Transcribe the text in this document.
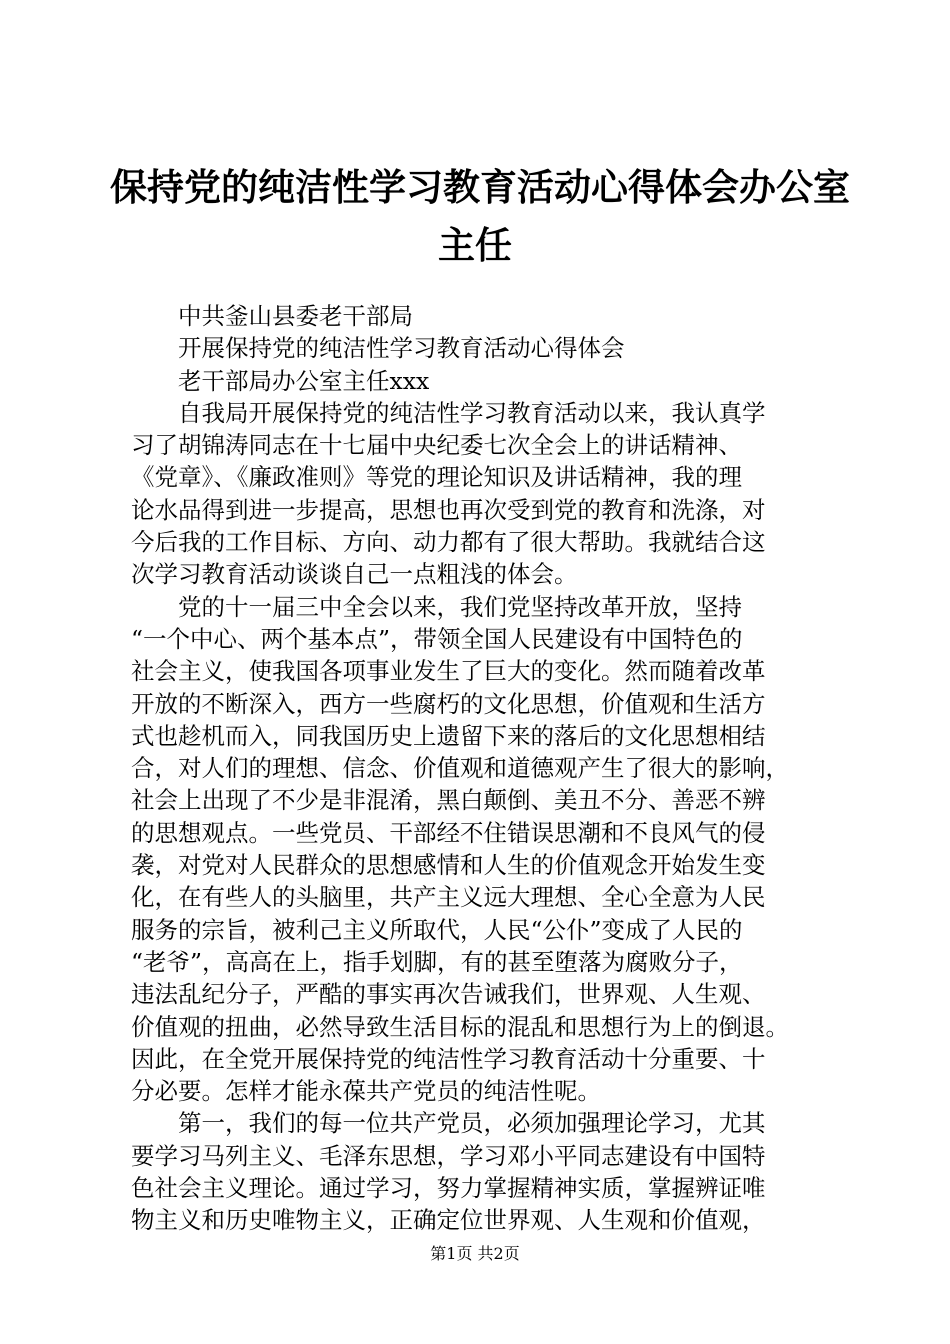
保持党的纯洁性学习教育活动心得体会办公室
主任
中共釜山县委老干部局
开展保持党的纯洁性学习教育活动心得体会
老干部局办公室主任xxx
自我局开展保持党的纯洁性学习教育活动以来，我认真学
习了胡锦涛同志在十七届中央纪委七次全会上的讲话精神、
《党章》、《廉政准则》等党的理论知识及讲话精神，我的理
论水品得到进一步提高，思想也再次受到党的教育和洗涤，对
今后我的工作目标、方向、动力都有了很大帮助。我就结合这
次学习教育活动谈谈自己一点粗浅的体会。
党的十一届三中全会以来，我们党坚持改革开放，坚持
“一个中心、两个基本点”，带领全国人民建设有中国特色的
社会主义，使我国各项事业发生了巨大的变化。然而随着改革
开放的不断深入，西方一些腐朽的文化思想，价值观和生活方
式也趁机而入，同我国历史上遗留下来的落后的文化思想相结
合，对人们的理想、信念、价值观和道德观产生了很大的影响，
社会上出现了不少是非混淆，黑白颠倒、美丑不分、善恶不辨
的思想观点。一些党员、干部经不住错误思潮和不良风气的侵
袭，对党对人民群众的思想感情和人生的价值观念开始发生变
化，在有些人的头脑里，共产主义远大理想、全心全意为人民
服务的宗旨，被利己主义所取代，人民“公仆”变成了人民的
“老爷”，高高在上，指手划脚，有的甚至堕落为腐败分子，
违法乱纪分子，严酷的事实再次告诫我们，世界观、人生观、
价值观的扭曲，必然导致生活目标的混乱和思想行为上的倒退。
因此，在全党开展保持党的纯洁性学习教育活动十分重要、十
分必要。怎样才能永葆共产党员的纯洁性呢。
第一，我们的每一位共产党员，必须加强理论学习，尤其
要学习马列主义、毛泽东思想，学习邓小平同志建设有中国特
色社会主义理论。通过学习，努力掌握精神实质，掌握辨证唯
物主义和历史唯物主义，正确定位世界观、人生观和价值观，
第1页 共2页
